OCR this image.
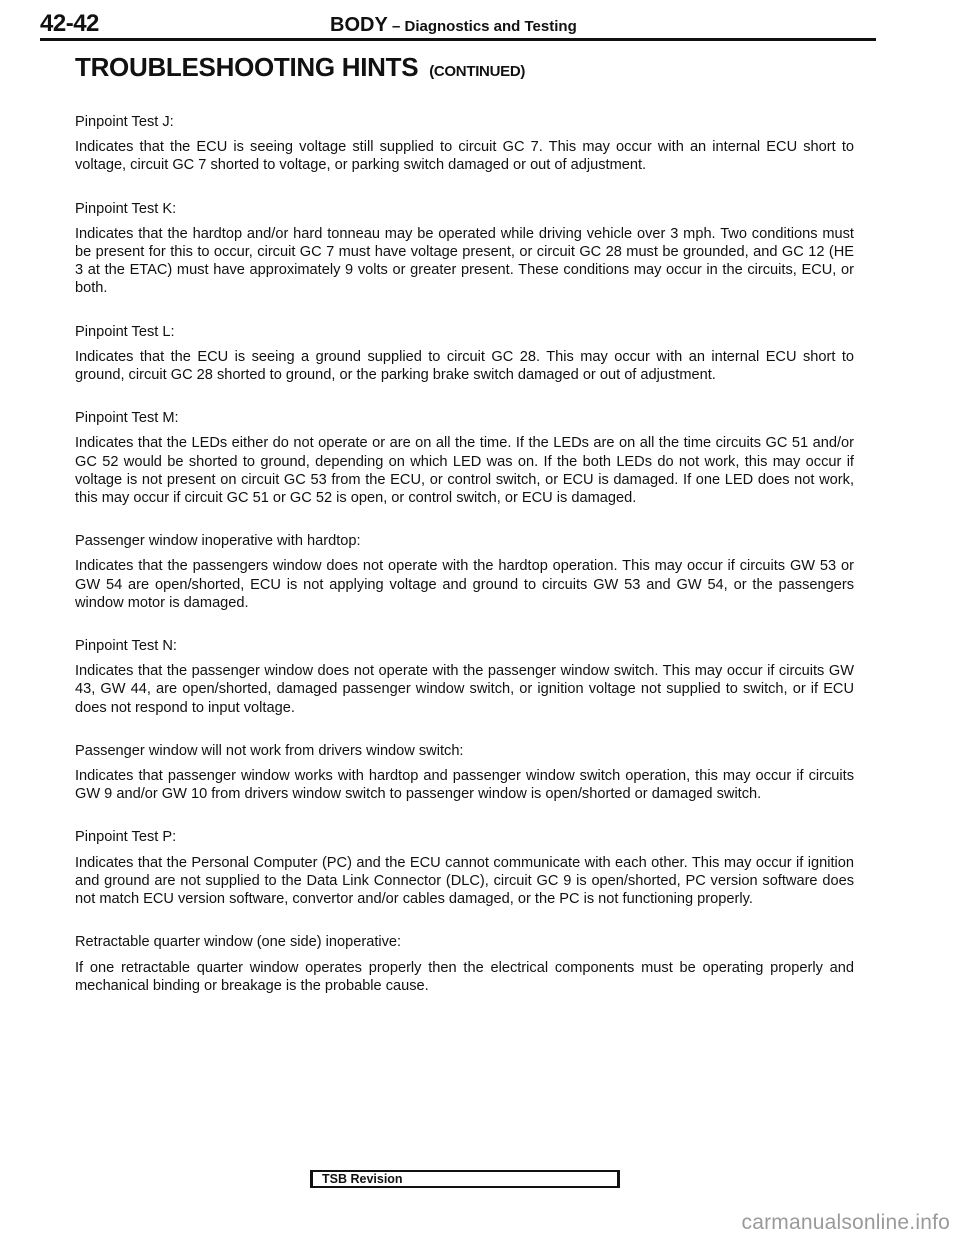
42-42	BODY – Diagnostics and Testing
TROUBLESHOOTING HINTS (CONTINUED)

Pinpoint Test J:

Indicates that the ECU is seeing voltage still supplied to circuit GC 7. This may occur with an internal ECU short to voltage, circuit GC 7 shorted to voltage, or parking switch damaged or out of adjustment.

Pinpoint Test K:

Indicates that the hardtop and/or hard tonneau may be operated while driving vehicle over 3 mph. Two conditions must be present for this to occur, circuit GC 7 must have voltage present, or circuit GC 28 must be grounded, and GC 12 (HE 3 at the ETAC) must have approximately 9 volts or greater present. These conditions may occur in the circuits, ECU, or both.

Pinpoint Test L:

Indicates that the ECU is seeing a ground supplied to circuit GC 28. This may occur with an internal ECU short to ground, circuit GC 28 shorted to ground, or the parking brake switch damaged or out of adjustment.

Pinpoint Test M:

Indicates that the LEDs either do not operate or are on all the time. If the LEDs are on all the time circuits GC 51 and/or GC 52 would be shorted to ground, depending on which LED was on. If the both LEDs do not work, this may occur if voltage is not present on circuit GC 53 from the ECU, or control switch, or ECU is damaged. If one LED does not work, this may occur if circuit GC 51 or GC 52 is open, or control switch, or ECU is damaged.

Passenger window inoperative with hardtop:

Indicates that the passengers window does not operate with the hardtop operation. This may occur if circuits GW 53 or GW 54 are open/shorted, ECU is not applying voltage and ground to circuits GW 53 and GW 54, or the passengers window motor is damaged.

Pinpoint Test N:

Indicates that the passenger window does not operate with the passenger window switch. This may occur if circuits GW 43, GW 44, are open/shorted, damaged passenger window switch, or ignition voltage not supplied to switch, or if ECU does not respond to input voltage.

Passenger window will not work from drivers window switch:

Indicates that passenger window works with hardtop and passenger window switch operation, this may occur if circuits GW 9 and/or GW 10 from drivers window switch to passenger window is open/shorted or damaged switch.

Pinpoint Test P:

Indicates that the Personal Computer (PC) and the ECU cannot communicate with each other. This may occur if ignition and ground are not supplied to the Data Link Connector (DLC), circuit GC 9 is open/shorted, PC version software does not match ECU version software, convertor and/or cables damaged, or the PC is not functioning properly.

Retractable quarter window (one side) inoperative:

If one retractable quarter window operates properly then the electrical components must be operating properly and mechanical binding or breakage is the probable cause.

TSB Revision
carmanualsonline.info
